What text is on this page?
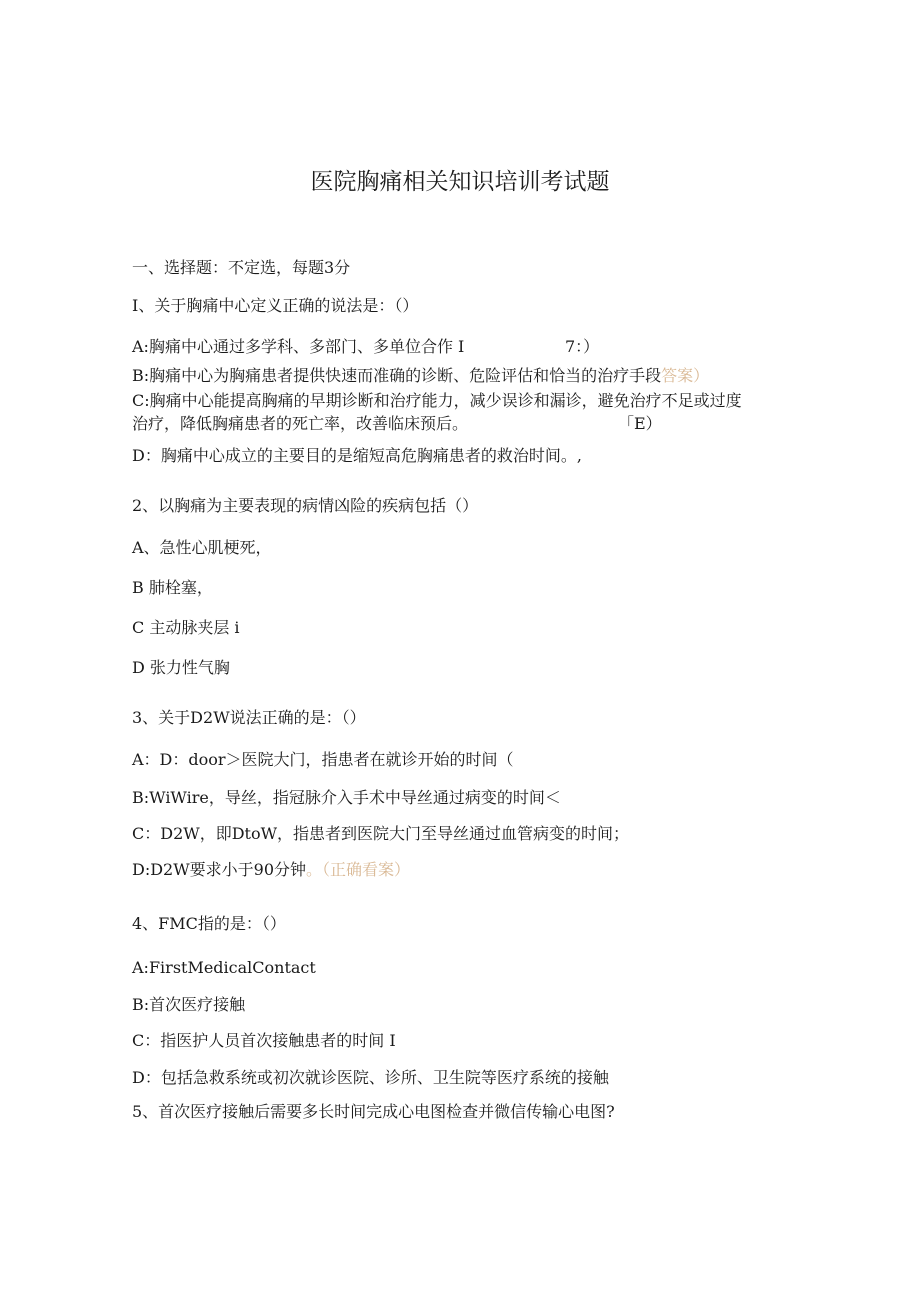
医院胸痛相关知识培训考试题
一、选择题：不定选，每题3分
I、关于胸痛中心定义正确的说法是：（）
A:胸痛中心通过多学科、多部门、多单位合作 I	7：）
B:胸痛中心为胸痛患者提供快速而准确的诊断、危险评估和恰当的治疗手段答案）
C:胸痛中心能提高胸痛的早期诊断和治疗能力，减少误诊和漏诊，避免治疗不足或过度
治疗，降低胸痛患者的死亡率，改善临床预后。	「E）
D：胸痛中心成立的主要目的是缩短高危胸痛患者的救治时间。,
2、以胸痛为主要表现的病情凶险的疾病包括（）
A、急性心肌梗死，
B 肺栓塞，
C 主动脉夹层 i
D 张力性气胸
3、关于D2W说法正确的是：（）
A：D：door＞医院大门，指患者在就诊开始的时间（
B:WiWire，导丝，指冠脉介入手术中导丝通过病变的时间＜
C：D2W，即DtoW，指患者到医院大门至导丝通过血管病变的时间；
D:D2W要求小于90分钟。（正确看案）
4、FMC指的是：（）
A:FirstMedicalContact
B:首次医疗接触
C：指医护人员首次接触患者的时间 I
D：包括急救系统或初次就诊医院、诊所、卫生院等医疗系统的接触
5、首次医疗接触后需要多长时间完成心电图检查并微信传输心电图?
